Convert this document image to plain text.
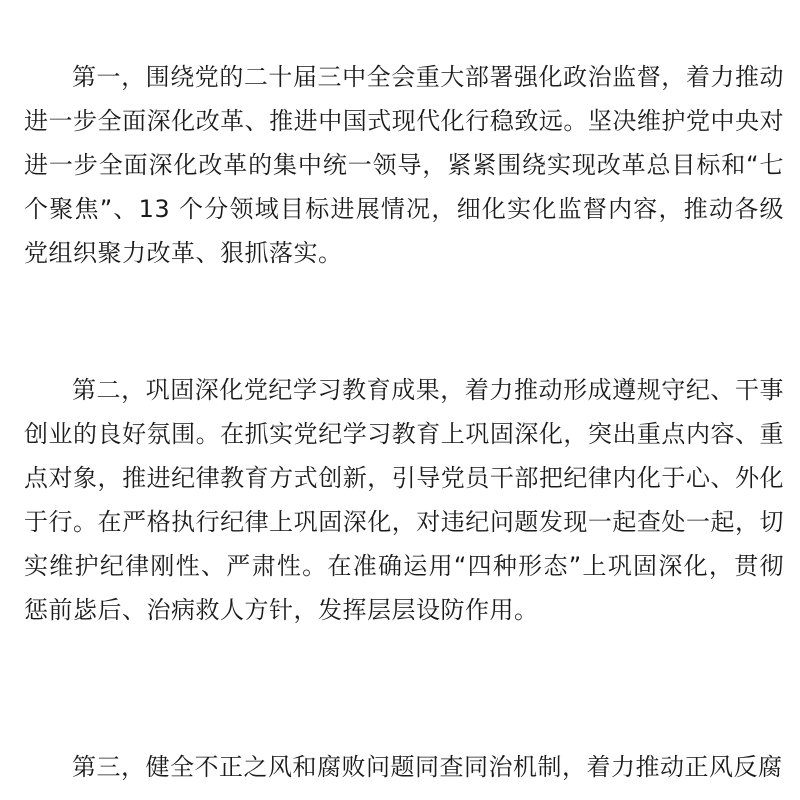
第一，围绕党的二十届三中全会重大部署强化政治监督，着力推动进一步全面深化改革、推进中国式现代化行稳致远。坚决维护党中央对进一步全面深化改革的集中统一领导，紧紧围绕实现改革总目标和“七个聚焦”、13 个分领域目标进展情况，细化实化监督内容，推动各级党组织聚力改革、狠抓落实。

第二，巩固深化党纪学习教育成果，着力推动形成遵规守纪、干事创业的良好氛围。在抓实党纪学习教育上巩固深化，突出重点内容、重点对象，推进纪律教育方式创新，引导党员干部把纪律内化于心、外化于行。在严格执行纪律上巩固深化，对违纪问题发现一起查处一起，切实维护纪律刚性、严肃性。在准确运用“四种形态”上巩固深化，贯彻惩前毖后、治病救人方针，发挥层层设防作用。

第三，健全不正之风和腐败问题同查同治机制，着力推动正风反腐
